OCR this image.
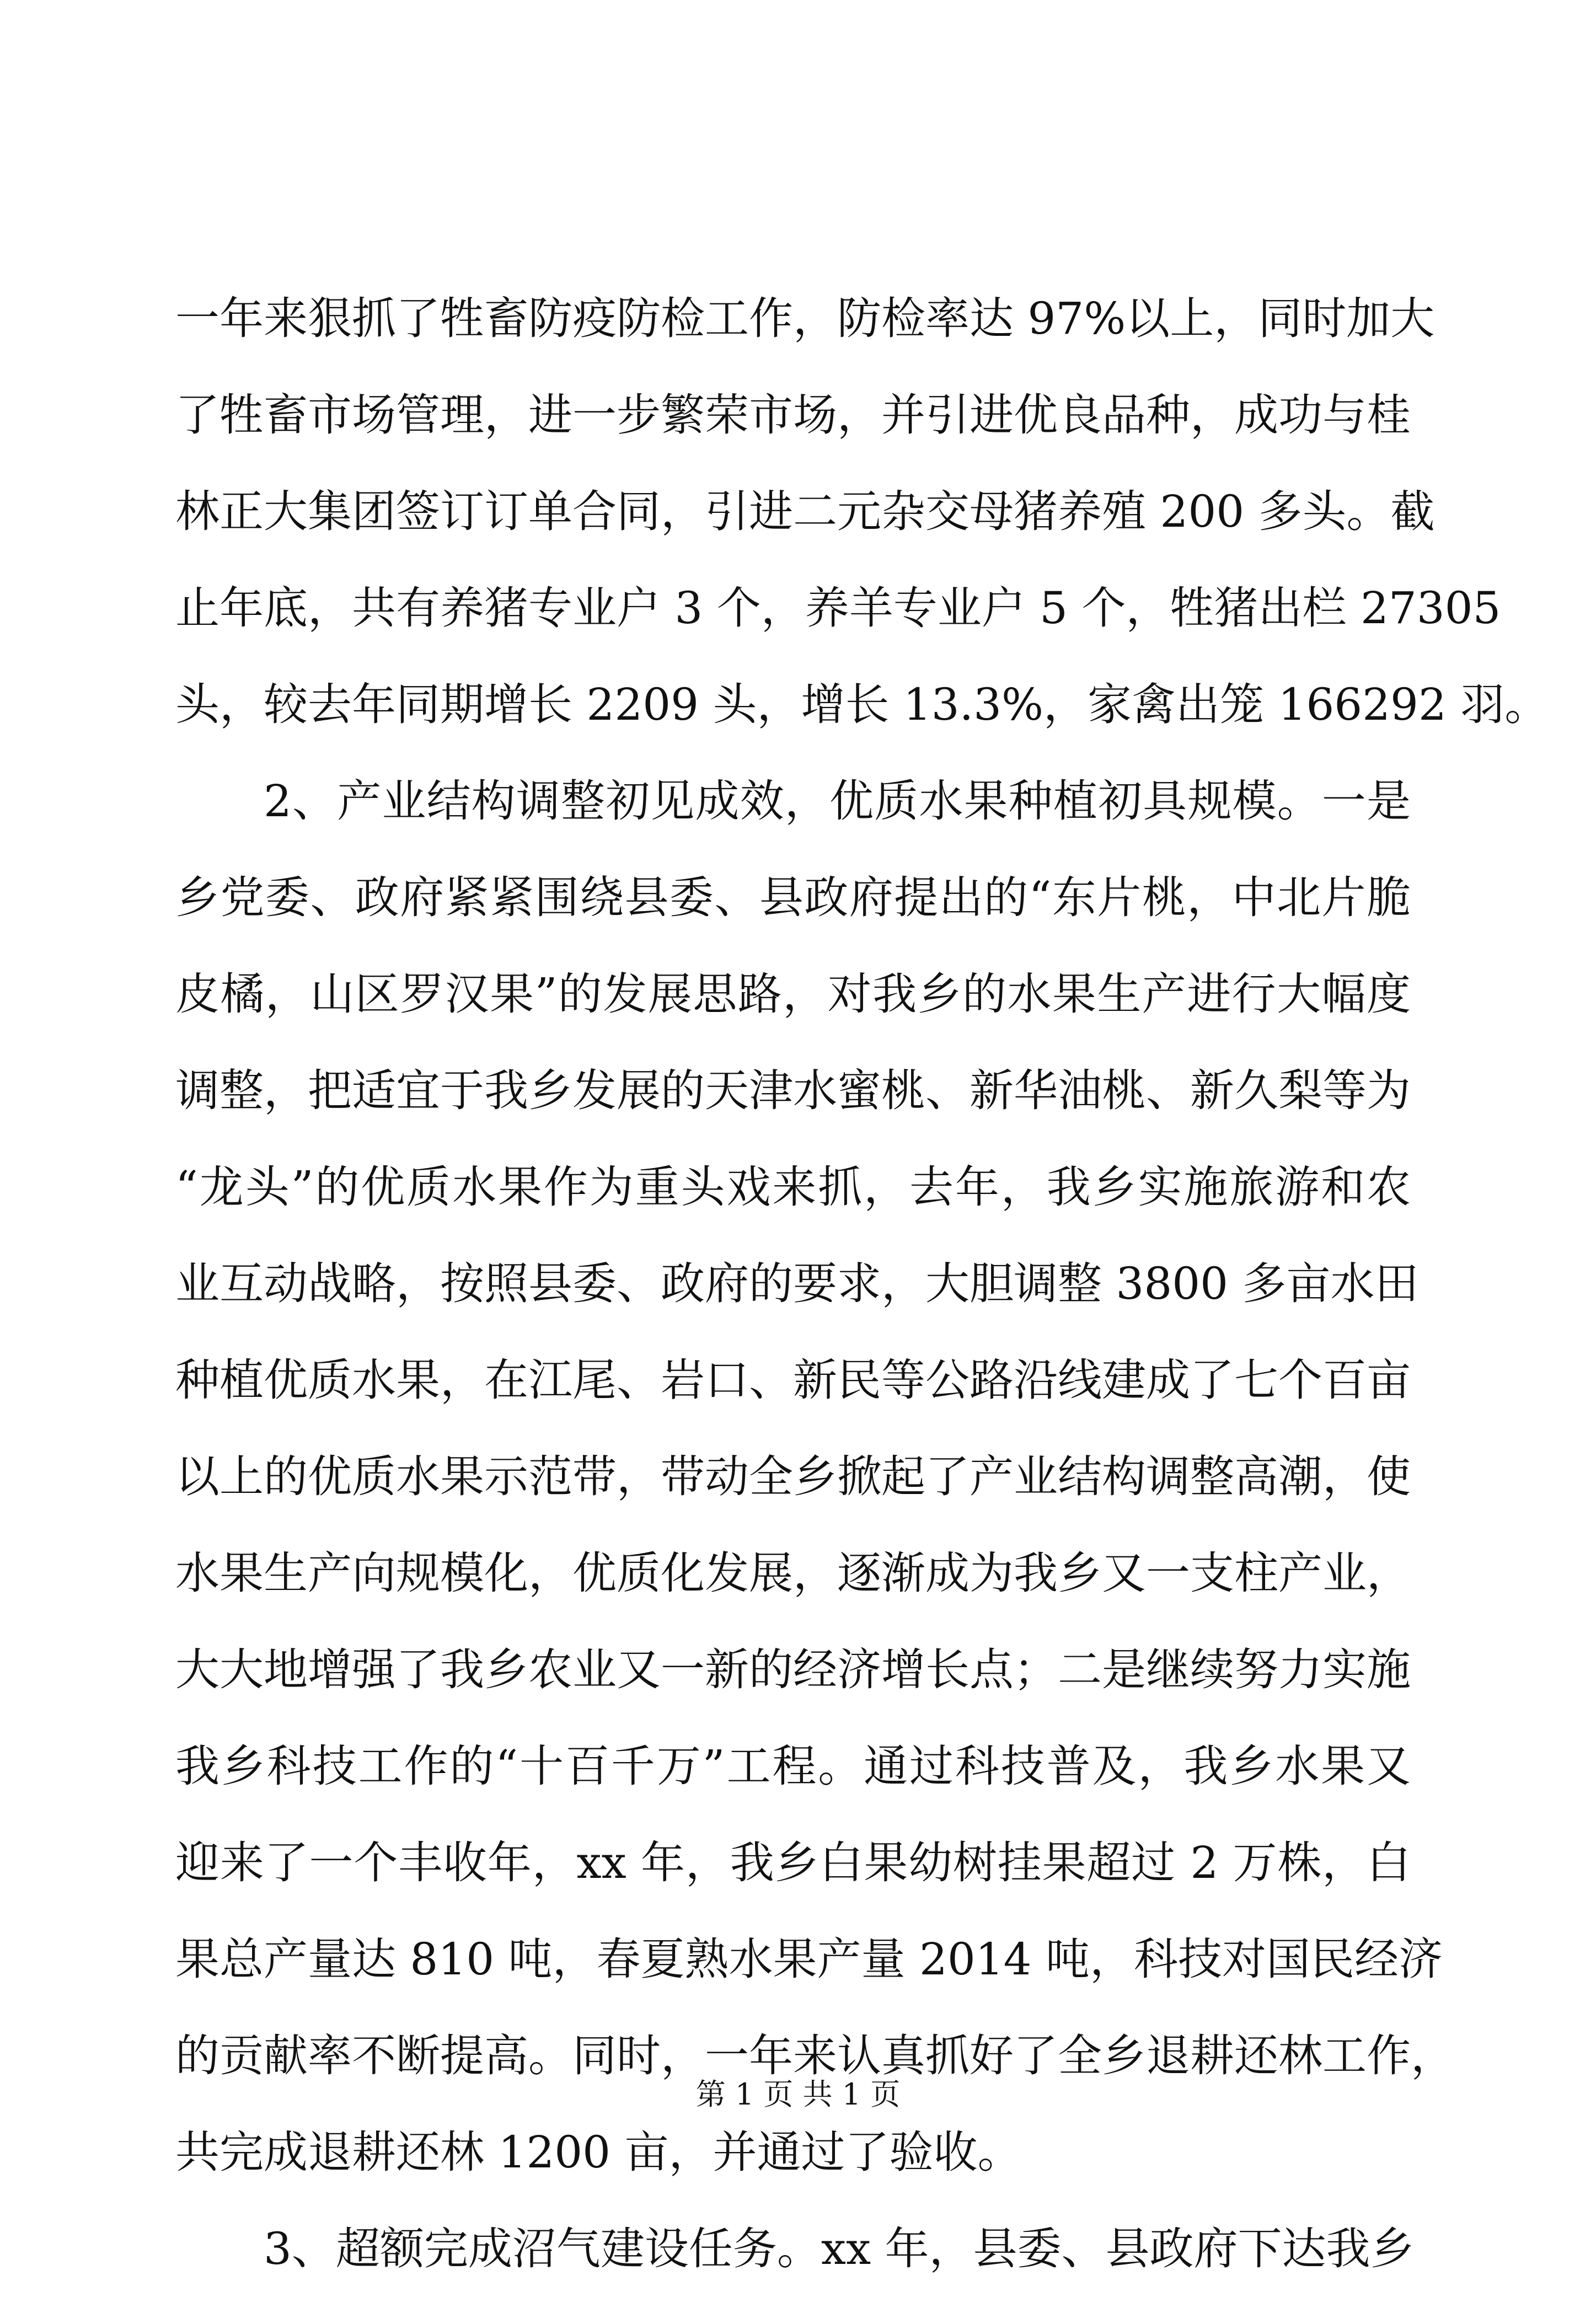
一年来狠抓了牲畜防疫防检工作，防检率达 97%以上，同时加大

了牲畜市场管理，进一步繁荣市场，并引进优良品种，成功与桂

林正大集团签订订单合同，引进二元杂交母猪养殖 200 多头。截

止年底，共有养猪专业户 3 个，养羊专业户 5 个，牲猪出栏 27305

头，较去年同期增长 2209 头，增长 13.3%，家禽出笼 166292 羽。

2、产业结构调整初见成效，优质水果种植初具规模。一是

乡党委、政府紧紧围绕县委、县政府提出的“东片桃，中北片脆

皮橘，山区罗汉果”的发展思路，对我乡的水果生产进行大幅度

调整，把适宜于我乡发展的天津水蜜桃、新华油桃、新久梨等为

“龙头”的优质水果作为重头戏来抓，去年，我乡实施旅游和农

业互动战略，按照县委、政府的要求，大胆调整 3800 多亩水田

种植优质水果，在江尾、岩口、新民等公路沿线建成了七个百亩

以上的优质水果示范带，带动全乡掀起了产业结构调整高潮，使

水果生产向规模化，优质化发展，逐渐成为我乡又一支柱产业，

大大地增强了我乡农业又一新的经济增长点；二是继续努力实施

我乡科技工作的“十百千万”工程。通过科技普及，我乡水果又

迎来了一个丰收年，xx 年，我乡白果幼树挂果超过 2 万株，白

果总产量达 810 吨，春夏熟水果产量 2014 吨，科技对国民经济

的贡献率不断提高。同时，一年来认真抓好了全乡退耕还林工作，

共完成退耕还林 1200 亩，并通过了验收。

3、超额完成沼气建设任务。xx 年，县委、县政府下达我乡

第 1 页 共 1 页
